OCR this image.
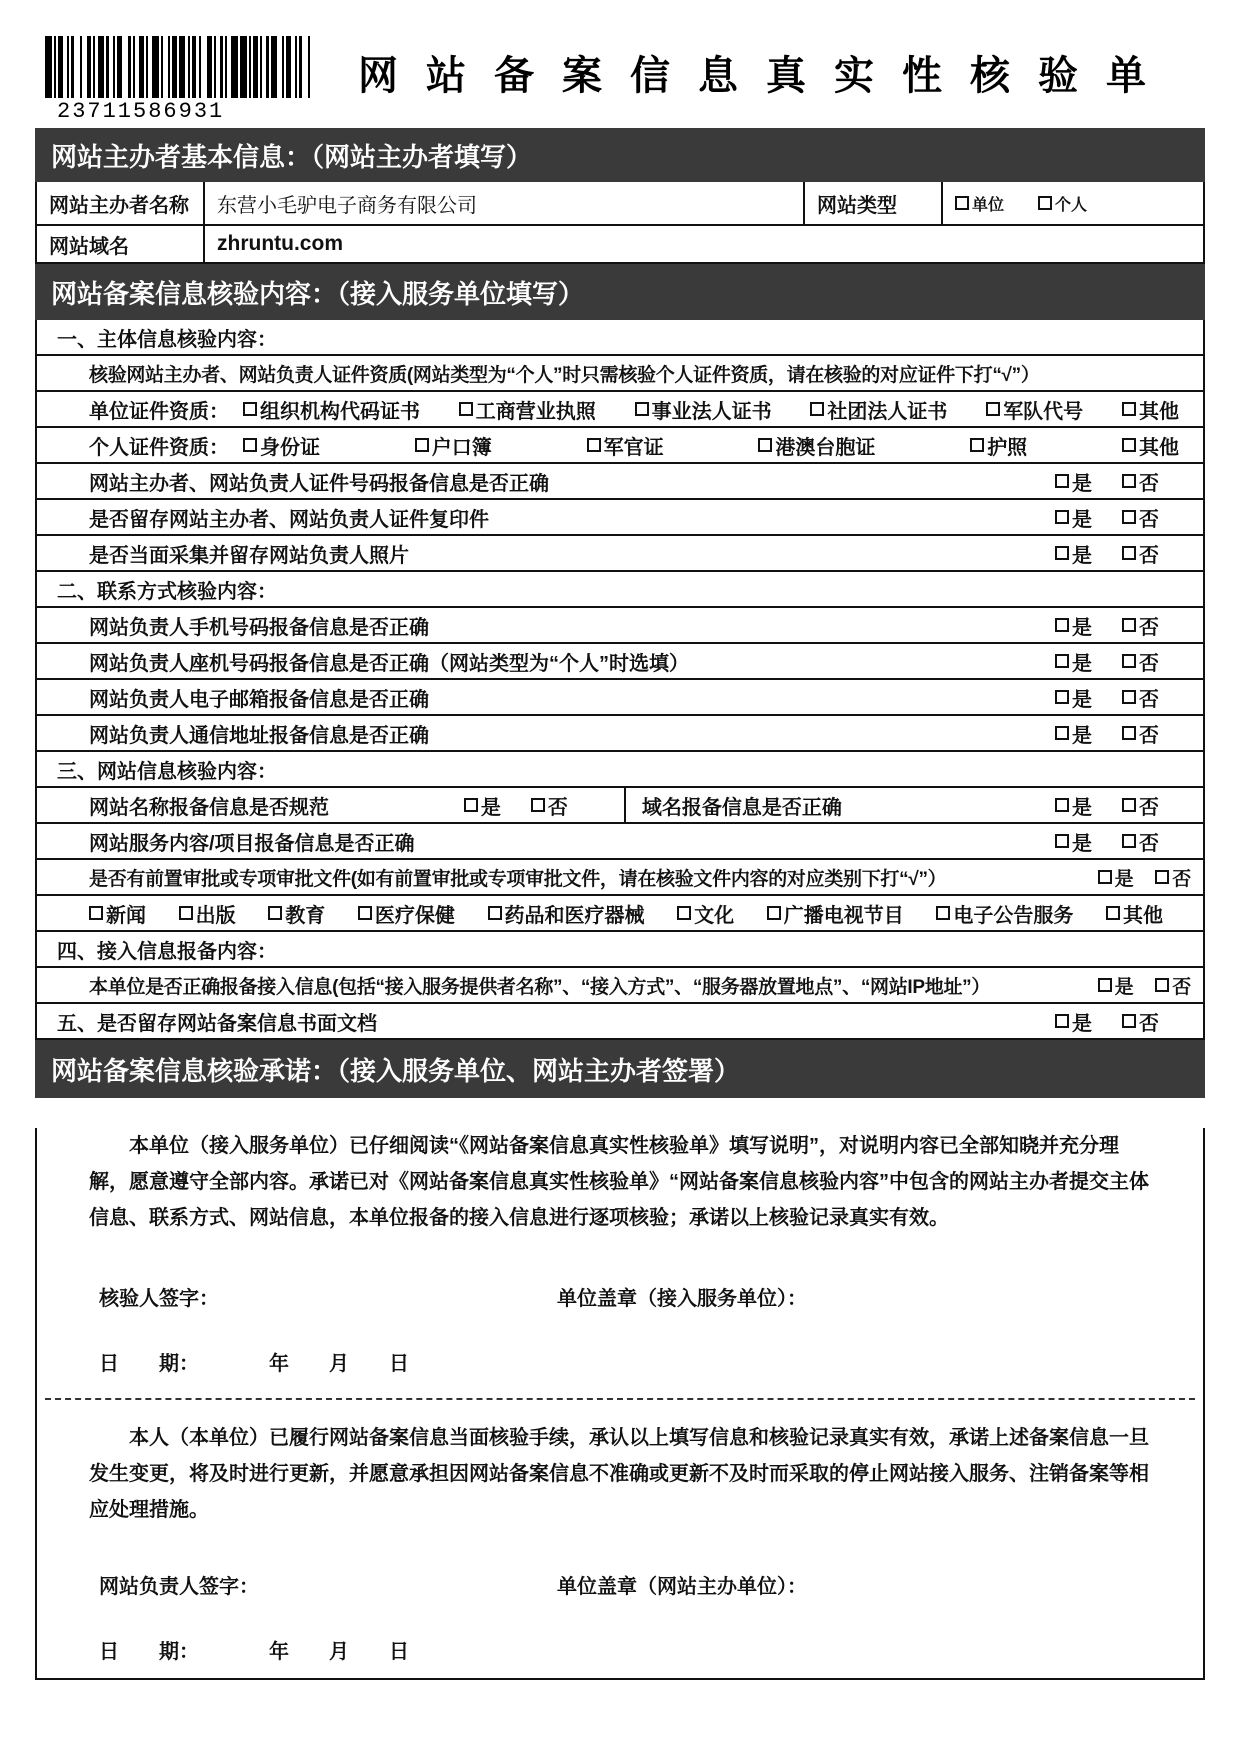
23711586931
网站备案信息真实性核验单
网站主办者基本信息：（网站主办者填写）
网站主办者名称	东营小毛驴电子商务有限公司	网站类型	单位	个人
网站域名	zhruntu.com
网站备案信息核验内容：（接入服务单位填写）
一、主体信息核验内容：
核验网站主办者、网站负责人证件资质(网站类型为“个人”时只需核验个人证件资质，请在核验的对应证件下打“√”）
单位证件资质： 组织机构代码证书	工商营业执照	事业法人证书	社团法人证书	军队代号	其他
个人证件资质： 身份证	户口簿	军官证	港澳台胞证	护照	其他
网站主办者、网站负责人证件号码报备信息是否正确	是 否
是否留存网站主办者、网站负责人证件复印件	是 否
是否当面采集并留存网站负责人照片	是 否
二、联系方式核验内容：
网站负责人手机号码报备信息是否正确	是 否
网站负责人座机号码报备信息是否正确（网站类型为“个人”时选填）	是 否
网站负责人电子邮箱报备信息是否正确	是 否
网站负责人通信地址报备信息是否正确	是 否
三、网站信息核验内容：
网站名称报备信息是否规范	是 否	域名报备信息是否正确	是 否
网站服务内容/项目报备信息是否正确	是 否
是否有前置审批或专项审批文件(如有前置审批或专项审批文件，请在核验文件内容的对应类别下打“√”）	是 否
新闻 出版 教育 医疗保健 药品和医疗器械 文化 广播电视节目 电子公告服务 其他
四、接入信息报备内容：
本单位是否正确报备接入信息(包括“接入服务提供者名称”、“接入方式”、“服务器放置地点”、“网站IP地址”）	是 否
五、是否留存网站备案信息书面文档	是 否
网站备案信息核验承诺：（接入服务单位、网站主办者签署）

本单位（接入服务单位）已仔细阅读“《网站备案信息真实性核验单》填写说明”，对说明内容已全部知晓并充分理解，愿意遵守全部内容。承诺已对《网站备案信息真实性核验单》“网站备案信息核验内容”中包含的网站主办者提交主体信息、联系方式、网站信息，本单位报备的接入信息进行逐项核验；承诺以上核验记录真实有效。

核验人签字：	单位盖章（接入服务单位）：
日　　期：　　　　年　　月　　日

本人（本单位）已履行网站备案信息当面核验手续，承认以上填写信息和核验记录真实有效，承诺上述备案信息一旦发生变更，将及时进行更新，并愿意承担因网站备案信息不准确或更新不及时而采取的停止网站接入服务、注销备案等相应处理措施。

网站负责人签字：	单位盖章（网站主办单位）：
日　　期：　　　　年　　月　　日
